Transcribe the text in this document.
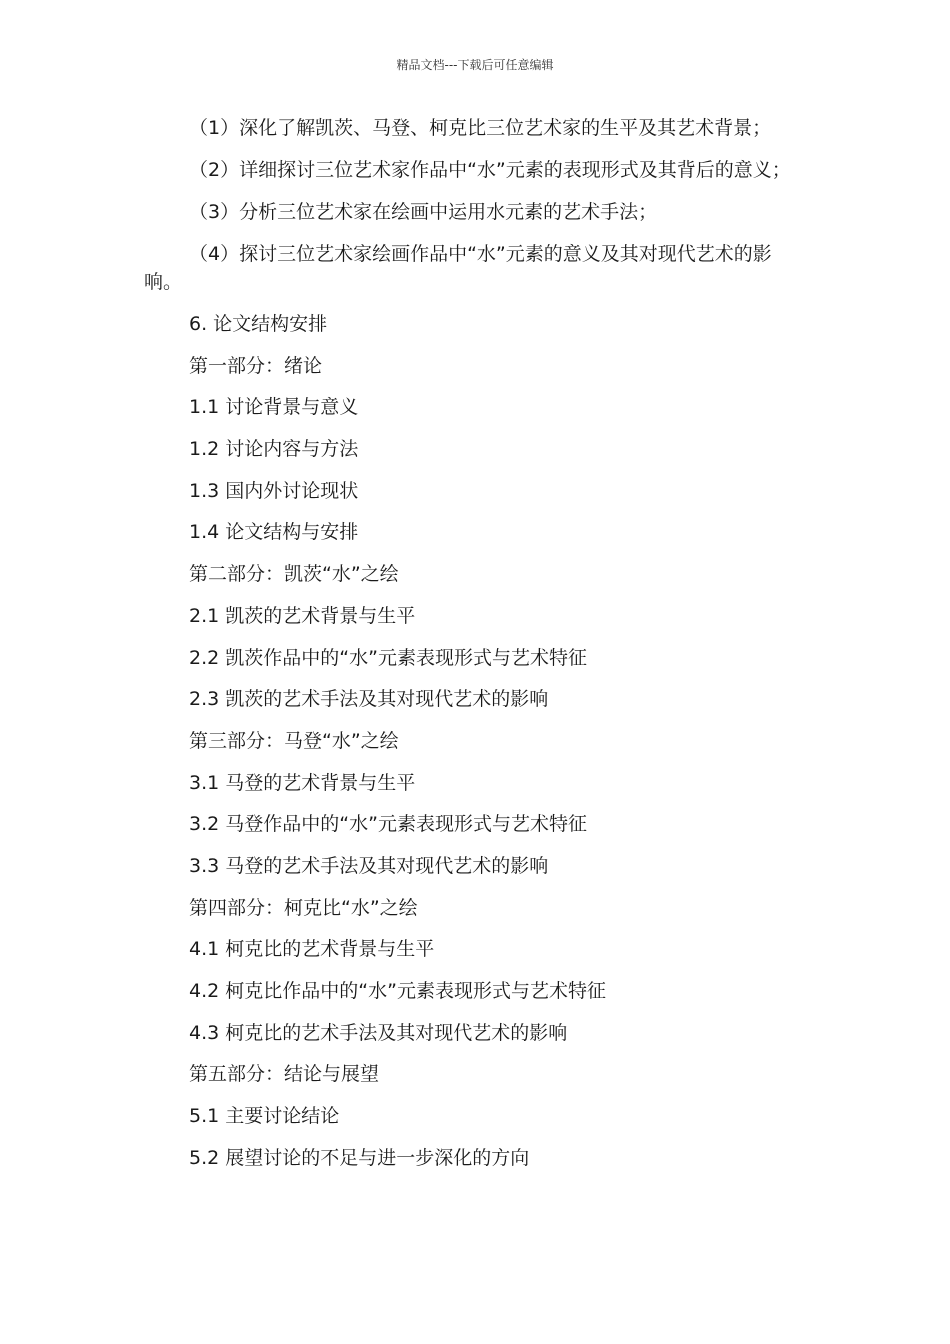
精品文档---下载后可任意编辑

（1）深化了解凯茨、马登、柯克比三位艺术家的生平及其艺术背景；

（2）详细探讨三位艺术家作品中“水”元素的表现形式及其背后的意义；

（3）分析三位艺术家在绘画中运用水元素的艺术手法；

（4）探讨三位艺术家绘画作品中“水”元素的意义及其对现代艺术的影响。

6. 论文结构安排
第一部分：绪论
1.1 讨论背景与意义
1.2 讨论内容与方法
1.3 国内外讨论现状
1.4 论文结构与安排
第二部分：凯茨“水”之绘
2.1 凯茨的艺术背景与生平
2.2 凯茨作品中的“水”元素表现形式与艺术特征
2.3 凯茨的艺术手法及其对现代艺术的影响
第三部分：马登“水”之绘
3.1 马登的艺术背景与生平
3.2 马登作品中的“水”元素表现形式与艺术特征
3.3 马登的艺术手法及其对现代艺术的影响
第四部分：柯克比“水”之绘
4.1 柯克比的艺术背景与生平
4.2 柯克比作品中的“水”元素表现形式与艺术特征
4.3 柯克比的艺术手法及其对现代艺术的影响
第五部分：结论与展望
5.1 主要讨论结论
5.2 展望讨论的不足与进一步深化的方向
